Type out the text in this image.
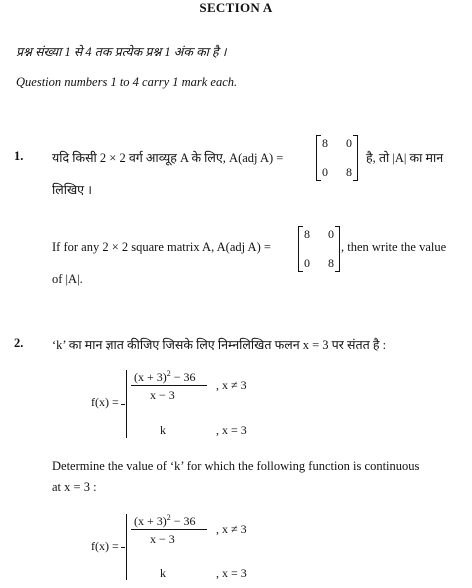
SECTION A
प्रश्न संख्या 1 से 4 तक प्रत्येक प्रश्न 1 अंक का है ।
Question numbers 1 to 4 carry 1 mark each.
1. यदि किसी 2 × 2 वर्ग आव्यूह A के लिए, A(adj A) =
8 0
0 8
है, तो |A| का मान
लिखिए ।
If for any 2 × 2 square matrix A, A(adj A) =
8 0
0 8
, then write the value
of |A|.
2. ‘k’ का मान ज्ञात कीजिए जिसके लिए निम्नलिखित फलन x = 3 पर संतत है :
f(x) =
$(x + 3)^2 - 36$
x − 3
, x ≠ 3
k	, x = 3
Determine the value of ‘k’ for which the following function is continuous
at x = 3 :
f(x) =
$(x + 3)^2 - 36$
x − 3
, x ≠ 3
k	, x = 3
